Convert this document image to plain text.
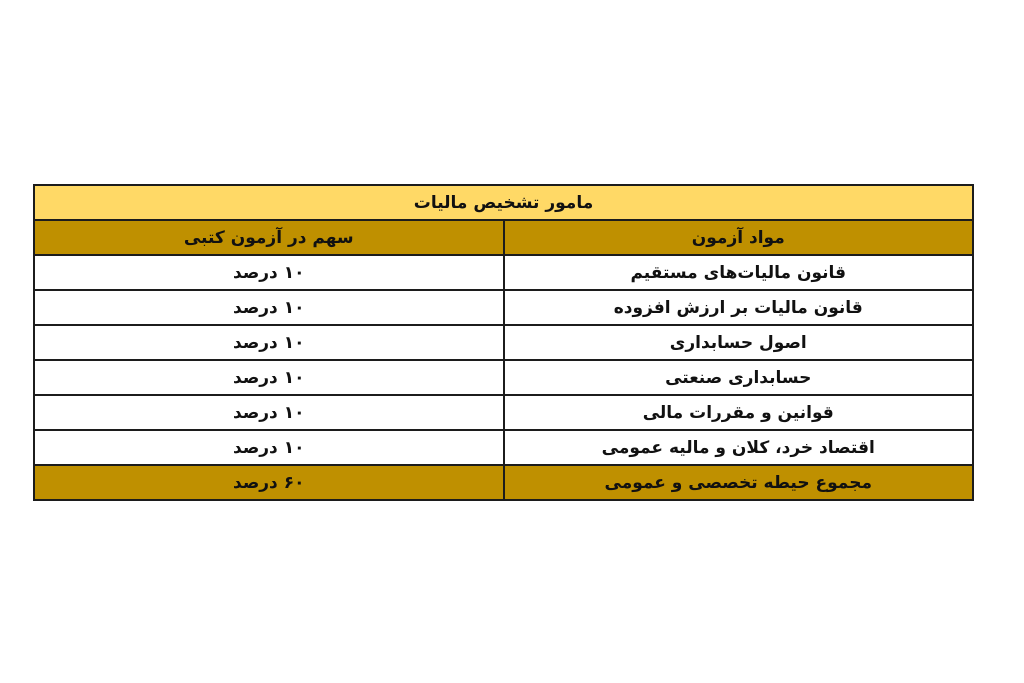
مامور تشخیص مالیات	
مواد آزمون	سهم در آزمون کتبی
قانون مالیات‌های مستقیم	۱۰ درصد
قانون مالیات بر ارزش افزوده	۱۰ درصد
اصول حسابداری	۱۰ درصد
حسابداری صنعتی	۱۰ درصد
قوانین و مقررات مالی	۱۰ درصد
اقتصاد خرد، کلان و مالیه عمومی	۱۰ درصد
مجموع حیطه تخصصی و عمومی	۶۰ درصد
